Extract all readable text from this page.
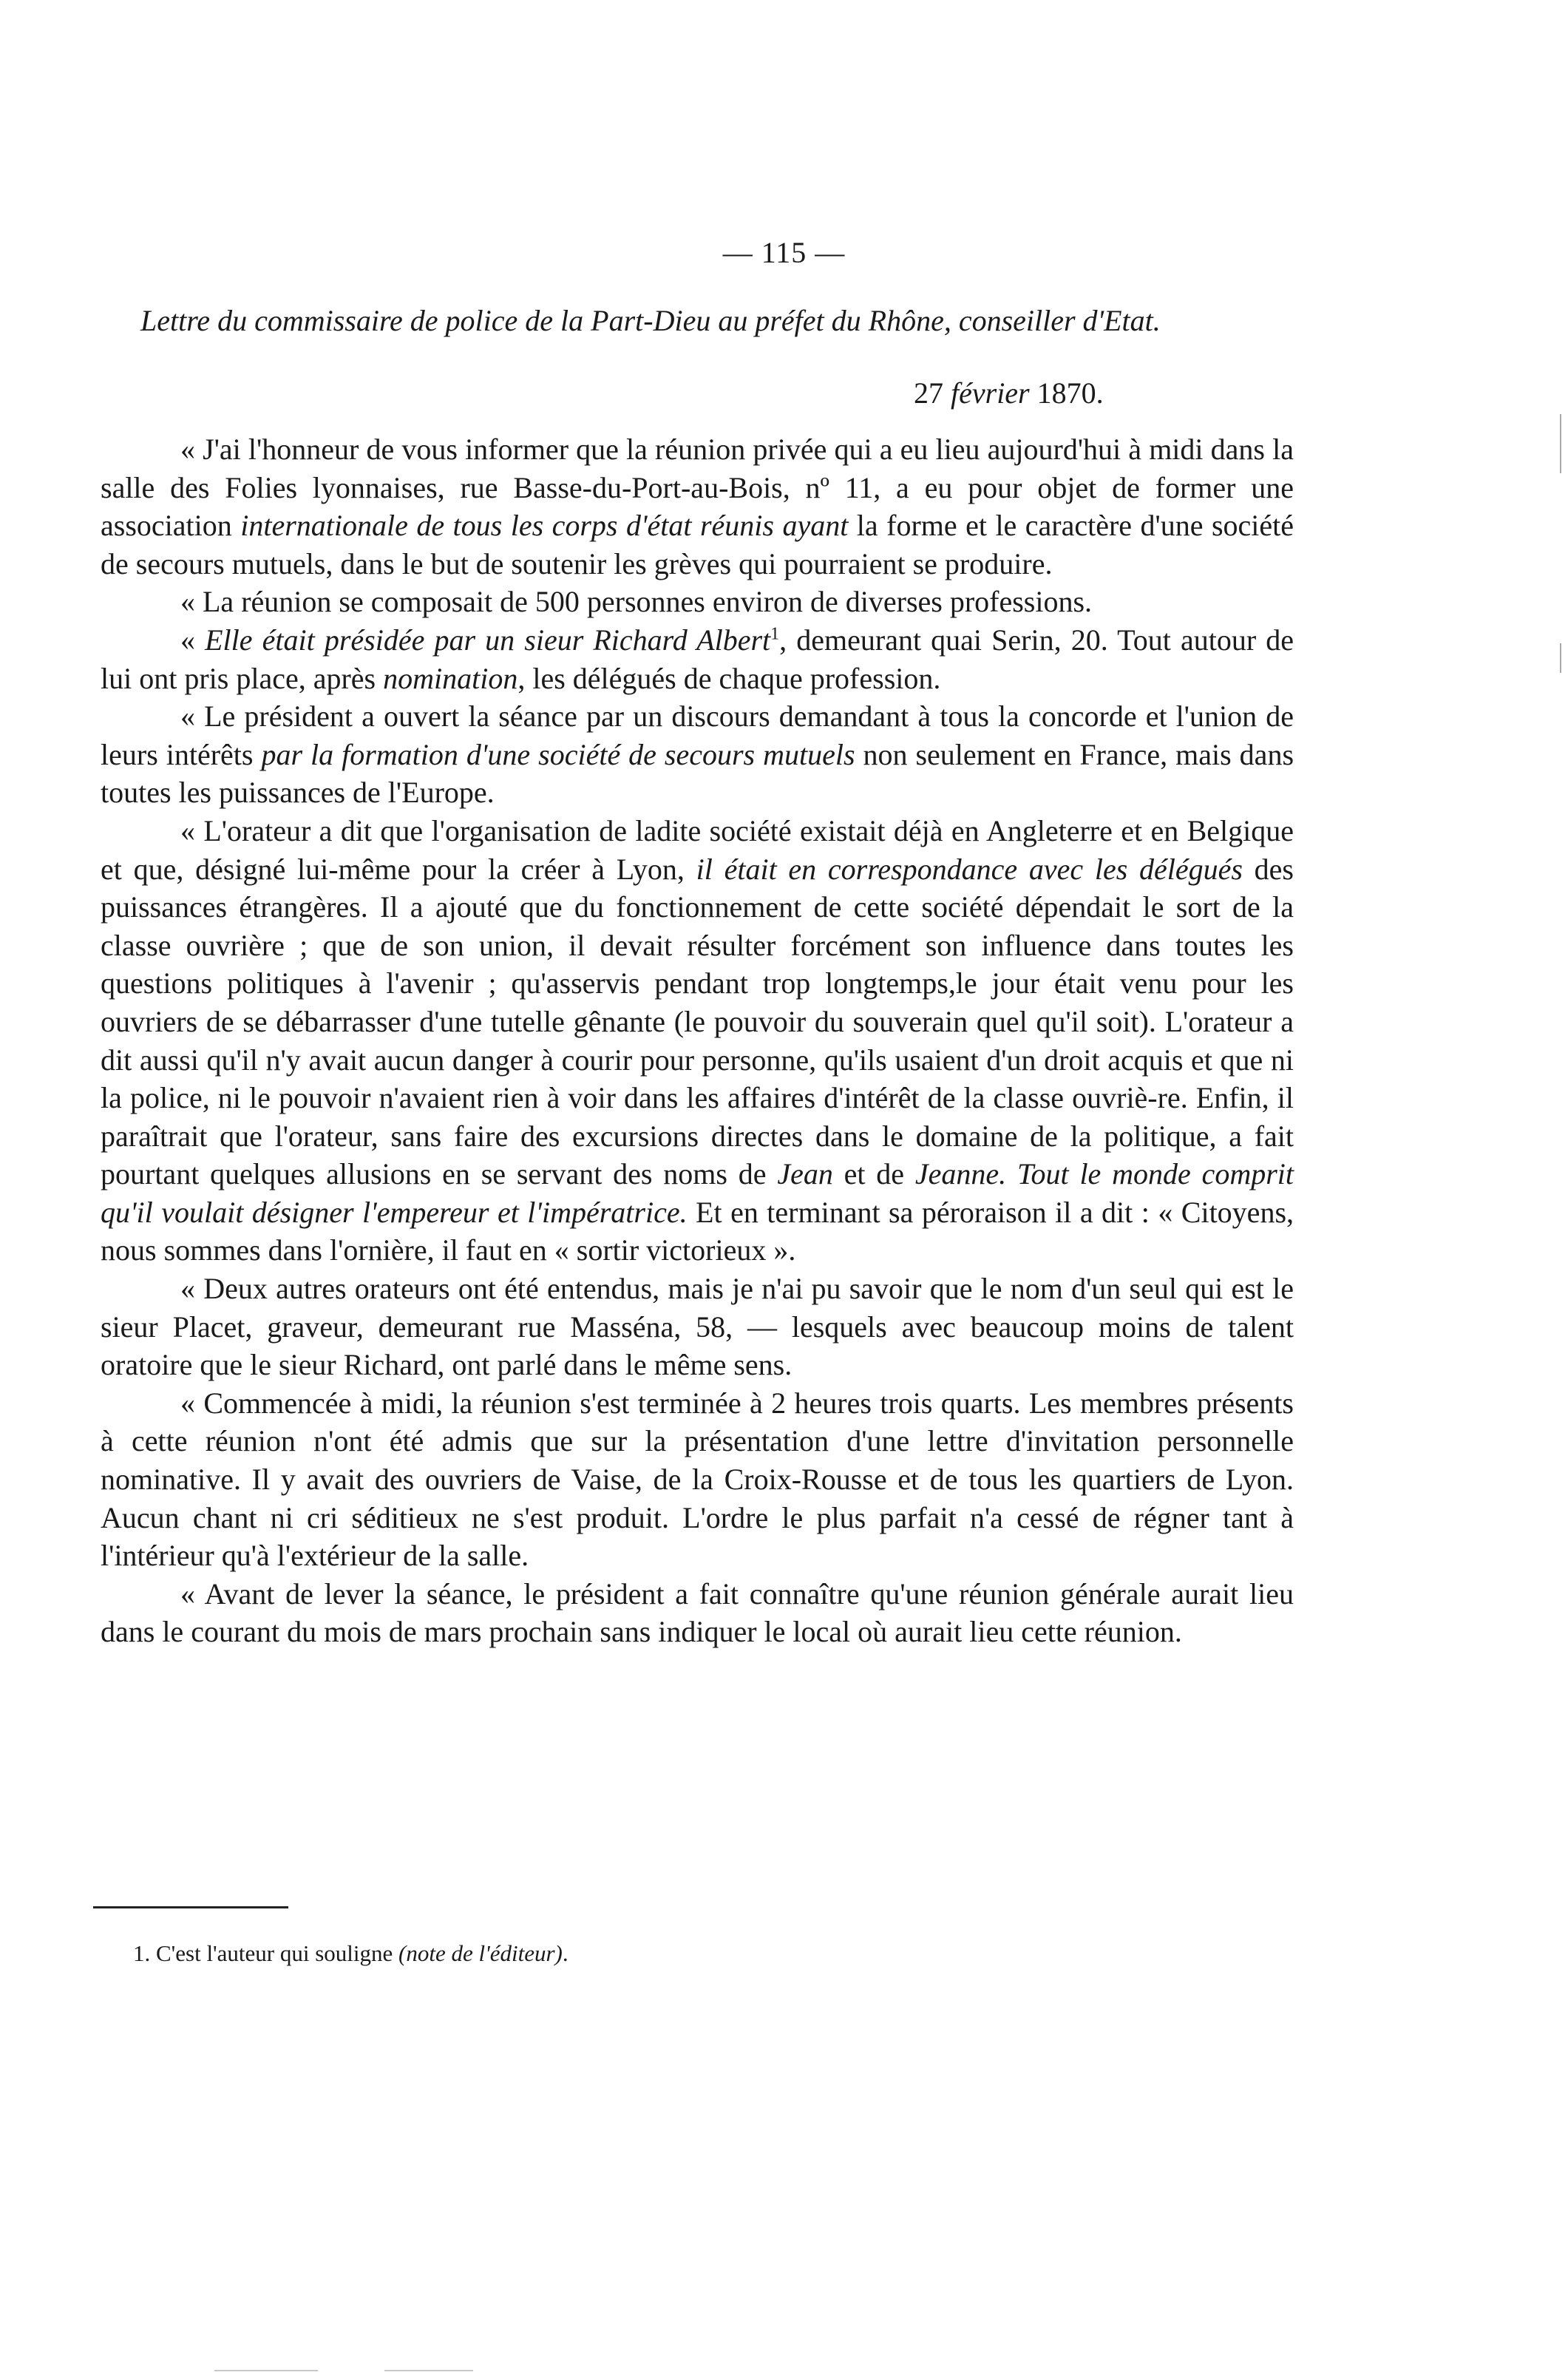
— 115 —
Lettre du commissaire de police de la Part-Dieu au préfet du Rhône, conseiller d'Etat.
27 février 1870.

« J'ai l'honneur de vous informer que la réunion privée qui a eu lieu aujourd'hui à midi dans la salle des Folies lyonnaises, rue Basse-du-Port-au-Bois, nº 11, a eu pour objet de former une association internationale de tous les corps d'état réunis ayant la forme et le caractère d'une société de secours mutuels, dans le but de soutenir les grèves qui pourraient se produire.

« La réunion se composait de 500 personnes environ de diverses professions.

« Elle était présidée par un sieur Richard Albert$^1$, demeurant quai Serin, 20. Tout autour de lui ont pris place, après nomination, les délégués de chaque profession.

« Le président a ouvert la séance par un discours demandant à tous la concorde et l'union de leurs intérêts par la formation d'une société de secours mutuels non seulement en France, mais dans toutes les puissances de l'Europe.

« L'orateur a dit que l'organisation de ladite société existait déjà en Angleterre et en Belgique et que, désigné lui-même pour la créer à Lyon, il était en correspondance avec les délégués des puissances étrangères. Il a ajouté que du fonctionnement de cette société dépendait le sort de la classe ouvrière ; que de son union, il devait résulter forcément son influence dans toutes les questions politiques à l'avenir ; qu'asservis pendant trop longtemps,le jour était venu pour les ouvriers de se débarrasser d'une tutelle gênante (le pouvoir du souverain quel qu'il soit). L'orateur a dit aussi qu'il n'y avait aucun danger à courir pour personne, qu'ils usaient d'un droit acquis et que ni la police, ni le pouvoir n'avaient rien à voir dans les affaires d'intérêt de la classe ouvriè-re. Enfin, il paraîtrait que l'orateur, sans faire des excursions directes dans le domaine de la politique, a fait pourtant quelques allusions en se servant des noms de Jean et de Jeanne. Tout le monde comprit qu'il voulait désigner l'empereur et l'impératrice. Et en terminant sa péroraison il a dit : « Citoyens, nous sommes dans l'ornière, il faut en « sortir victorieux ».

« Deux autres orateurs ont été entendus, mais je n'ai pu savoir que le nom d'un seul qui est le sieur Placet, graveur, demeurant rue Masséna, 58, — lesquels avec beaucoup moins de talent oratoire que le sieur Richard, ont parlé dans le même sens.

« Commencée à midi, la réunion s'est terminée à 2 heures trois quarts. Les membres présents à cette réunion n'ont été admis que sur la présentation d'une lettre d'invitation personnelle nominative. Il y avait des ouvriers de Vaise, de la Croix-Rousse et de tous les quartiers de Lyon. Aucun chant ni cri séditieux ne s'est produit. L'ordre le plus parfait n'a cessé de régner tant à l'intérieur qu'à l'extérieur de la salle.

« Avant de lever la séance, le président a fait connaître qu'une réunion générale aurait lieu dans le courant du mois de mars prochain sans indiquer le local où aurait lieu cette réunion.

1. C'est l'auteur qui souligne (note de l'éditeur).
